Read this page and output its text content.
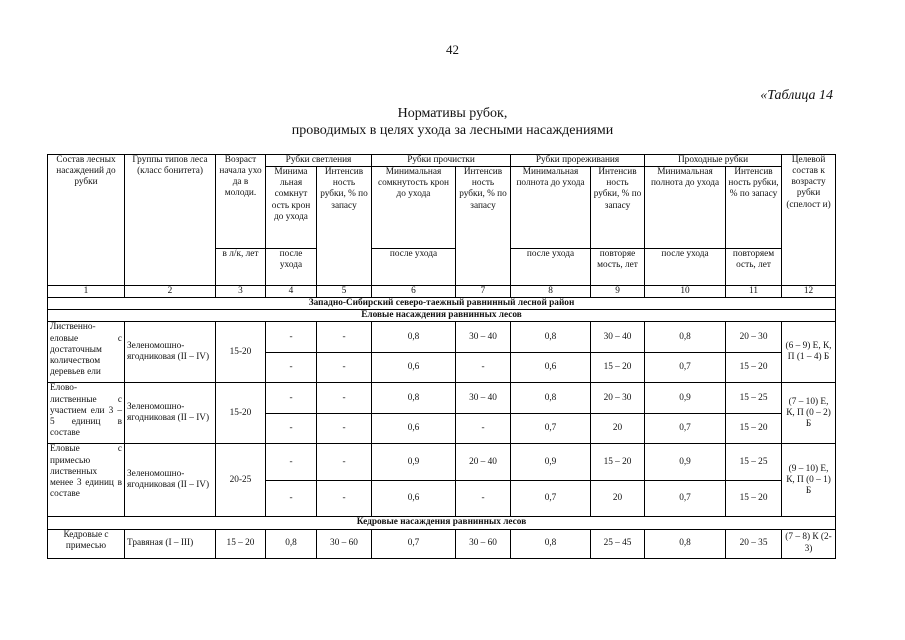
42
«Таблица 14
Нормативы рубок,
проводимых в целях ухода за лесными насаждениями
Состав лесных насаждений до рубки	Группы типов леса (класс бонитета)	Возраст начала ухо да в молоди.	Рубки светления		Рубки прочистки		Рубки прореживания		Проходные рубки		Целевой состав к возрасту рубки (спелост и)
			Минима льная сомкнут ость крон до ухода	Интенсив ность рубки, % по запасу	Минимальная сомкнутость крон до ухода	Интенсив ность рубки, % по запасу	Минимальная полнота до ухода	Интенсив ность рубки, % по запасу	Минимальная полнота до ухода	Интенсив ность рубки, % по запасу	
		в л/к, лет	после ухода		после ухода		после ухода	повторяе мость, лет	после ухода	повторяем ость, лет	
1	2	3	4	5	6	7	8	9	10	11	12
Западно-Сибирский северо-таежный равнинный лесной район											
Еловые насаждения равнинных лесов											
Лиственно-еловые с достаточным количеством деревьев ели	Зеленомошно-ягодниковая (II – IV)	15-20	-	-	0,8	30 – 40	0,8	30 – 40	0,8	20 – 30	(6 – 9) Е, К, П (1 – 4) Б
			-	-	0,6	-	0,6	15 – 20	0,7	15 – 20	
Елово-лиственные с участием ели 3 – 5 единиц в составе	Зеленомошно-ягодниковая (II – IV)	15-20	-	-	0,8	30 – 40	0,8	20 – 30	0,9	15 – 25	(7 – 10) Е, К, П (0 – 2) Б
			-	-	0,6	-	0,7	20	0,7	15 – 20	
Еловые с примесью лиственных менее 3 единиц в составе	Зеленомошно-ягодниковая (II – IV)	20-25	-	-	0,9	20 – 40	0,9	15 – 20	0,9	15 – 25	(9 – 10) Е, К, П (0 – 1) Б
			-	-	0,6	-	0,7	20	0,7	15 – 20	
Кедровые насаждения равнинных лесов											
Кедровые с примесью	Травяная (I – III)	15 – 20	0,8	30 – 60	0,7	30 – 60	0,8	25 – 45	0,8	20 – 35	(7 – 8) К (2-3)
